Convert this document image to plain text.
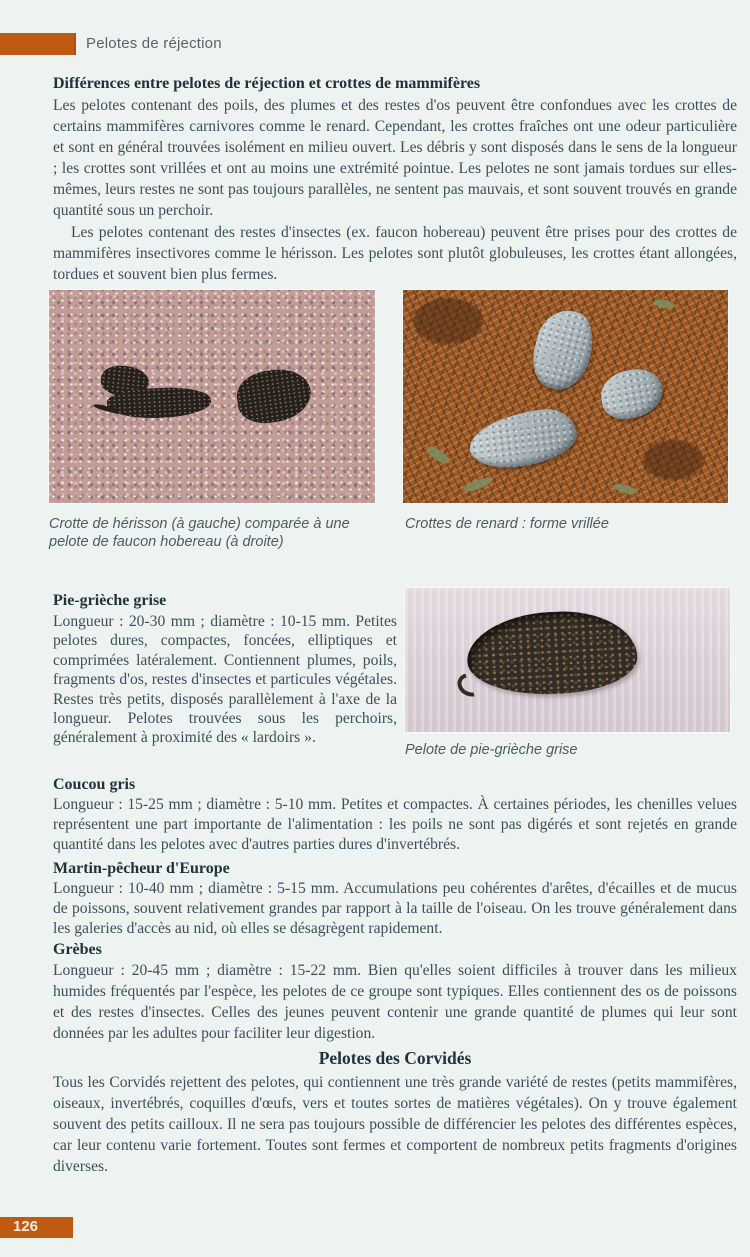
Pelotes de réjection
Différences entre pelotes de réjection et crottes de mammifères

Les pelotes contenant des poils, des plumes et des restes d'os peuvent être confondues avec les crottes de certains mammifères carnivores comme le renard. Cependant, les crottes fraîches ont une odeur particulière et sont en général trouvées isolément en milieu ouvert. Les débris y sont disposés dans le sens de la longueur ; les crottes sont vrillées et ont au moins une extrémité pointue. Les pelotes ne sont jamais tordues sur elles-mêmes, leurs restes ne sont pas toujours parallèles, ne sentent pas mauvais, et sont souvent trouvés en grande quantité sous un perchoir.

Les pelotes contenant des restes d'insectes (ex. faucon hobereau) peuvent être prises pour des crottes de mammifères insectivores comme le hérisson. Les pelotes sont plutôt globuleuses, les crottes étant allongées, tordues et souvent bien plus fermes.

Crotte de hérisson (à gauche) comparée à une pelote de faucon hobereau (à droite)
Crottes de renard : forme vrillée
Pie-grièche grise

Longueur : 20-30 mm ; diamètre : 10-15 mm. Petites pelotes dures, compactes, foncées, elliptiques et comprimées latéralement. Contiennent plumes, poils, fragments d'os, restes d'insectes et particules végétales. Restes très petits, disposés parallèlement à l'axe de la longueur. Pelotes trouvées sous les perchoirs, généralement à proximité des « lardoirs ».

Pelote de pie-grièche grise
Coucou gris

Longueur : 15-25 mm ; diamètre : 5-10 mm. Petites et compactes. À certaines périodes, les chenilles velues représentent une part importante de l'alimentation : les poils ne sont pas digérés et sont rejetés en grande quantité dans les pelotes avec d'autres parties dures d'invertébrés.

Martin-pêcheur d'Europe

Longueur : 10-40 mm ; diamètre : 5-15 mm. Accumulations peu cohérentes d'arêtes, d'écailles et de mucus de poissons, souvent relativement grandes par rapport à la taille de l'oiseau. On les trouve généralement dans les galeries d'accès au nid, où elles se désagrègent rapidement.

Grèbes

Longueur : 20-45 mm ; diamètre : 15-22 mm. Bien qu'elles soient difficiles à trouver dans les milieux humides fréquentés par l'espèce, les pelotes de ce groupe sont typiques. Elles contiennent des os de poissons et des restes d'insectes. Celles des jeunes peuvent contenir une grande quantité de plumes qui leur sont données par les adultes pour faciliter leur digestion.

Pelotes des Corvidés
Tous les Corvidés rejettent des pelotes, qui contiennent une très grande variété de restes (petits mammifères, oiseaux, invertébrés, coquilles d'œufs, vers et toutes sortes de matières végétales). On y trouve également souvent des petits cailloux. Il ne sera pas toujours possible de différencier les pelotes des différentes espèces, car leur contenu varie fortement. Toutes sont fermes et comportent de nombreux petits fragments d'origines diverses.
126
